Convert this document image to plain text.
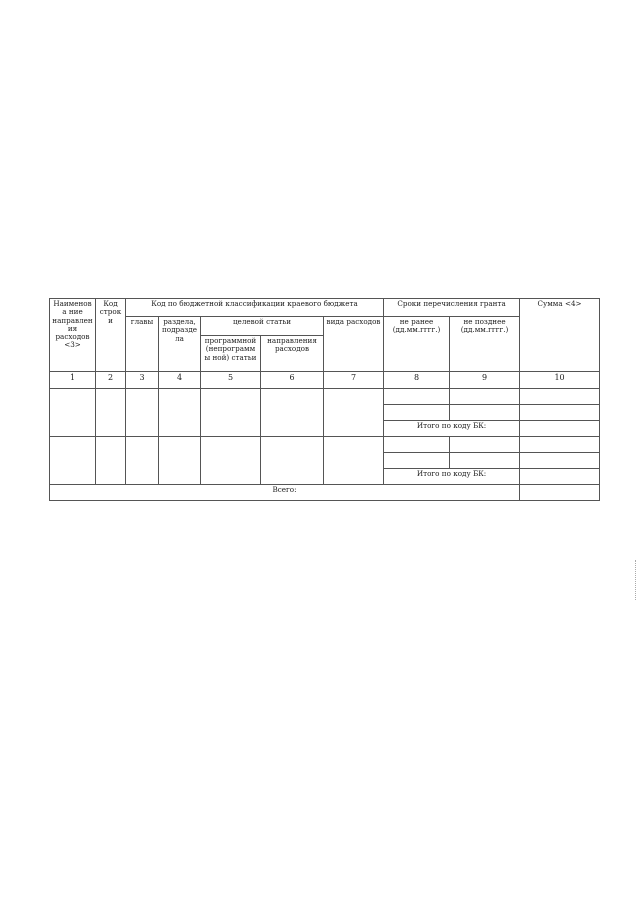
Наименова ние направлен ия расходов <3>	Код строк и	Код по бюджетной классификации краевого бюджета					Сроки перечисления гранта		Сумма <4>
		главы	раздела, подразде ла	целевой статьи		вида расходов	не ранее (дд.мм.гггг.)	не позднее (дд.мм.гггг.)	
				программной (непрограммы ной) статьи	направления расходов				
1	2	3	4	5	6	7	8	9	10

							Итого по коду БК:		

							Итого по коду БК:		
Всего:									
